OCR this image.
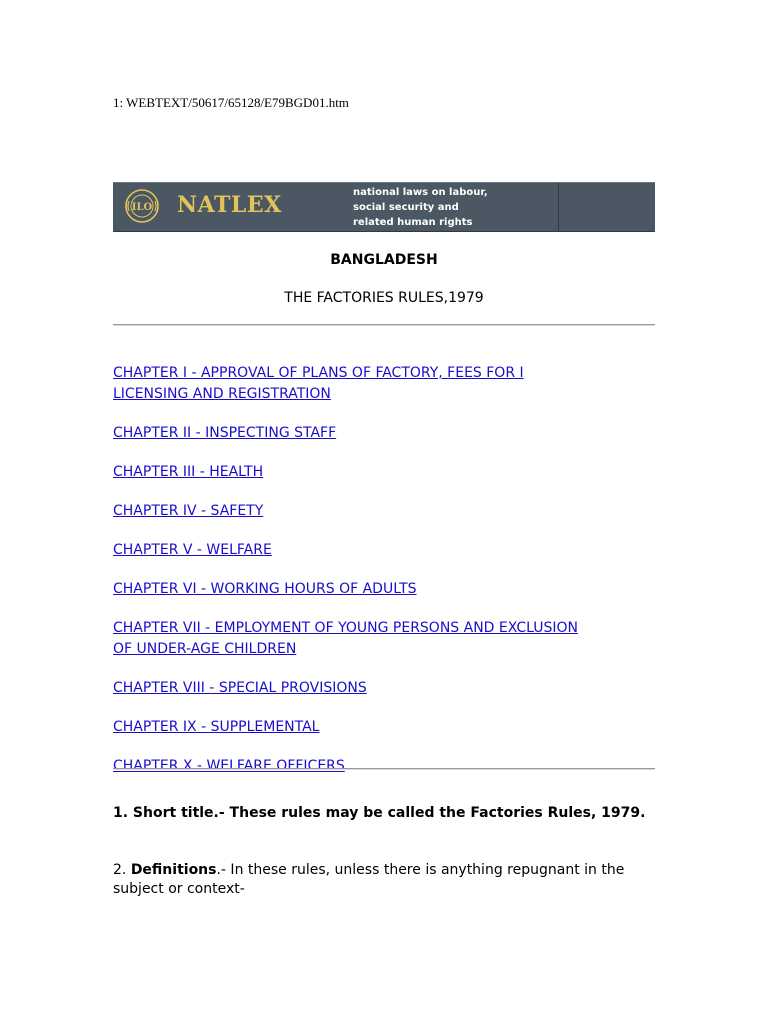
1: WEBTEXT/50617/65128/E79BGD01.htm
ILO NATLEX	national laws on labour,
social security and
related human rights
BANGLADESH
THE FACTORIES RULES,1979
CHAPTER I - APPROVAL OF PLANS OF FACTORY, FEES FOR I
LICENSING AND REGISTRATION
CHAPTER II - INSPECTING STAFF
CHAPTER III - HEALTH
CHAPTER IV - SAFETY
CHAPTER V - WELFARE
CHAPTER VI - WORKING HOURS OF ADULTS
CHAPTER VII - EMPLOYMENT OF YOUNG PERSONS AND EXCLUSION
OF UNDER-AGE CHILDREN
CHAPTER VIII - SPECIAL PROVISIONS
CHAPTER IX - SUPPLEMENTAL
CHAPTER X - WELFARE OFFICERS
1. Short title.- These rules may be called the Factories Rules, 1979.
2. Definitions.- In these rules, unless there is anything repugnant in the subject or context-
